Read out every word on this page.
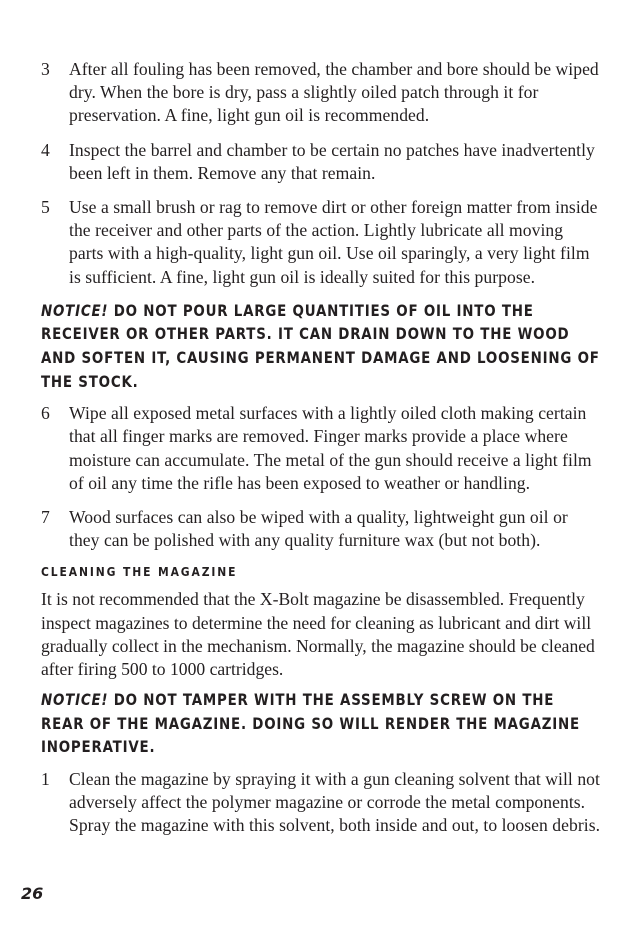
3	After all fouling has been removed, the chamber and bore should be wiped dry. When the bore is dry, pass a slightly oiled patch through it for preservation. A fine, light gun oil is recommended.
4	Inspect the barrel and chamber to be certain no patches have inadvertently been left in them. Remove any that remain.
5	Use a small brush or rag to remove dirt or other foreign matter from inside the receiver and other parts of the action. Lightly lubricate all moving parts with a high-quality, light gun oil. Use oil sparingly, a very light film is sufficient. A fine, light gun oil is ideally suited for this purpose.
NOTICE! DO NOT POUR LARGE QUANTITIES OF OIL INTO THE RECEIVER OR OTHER PARTS. IT CAN DRAIN DOWN TO THE WOOD AND SOFTEN IT, CAUSING PERMANENT DAMAGE AND LOOSENING OF THE STOCK.
6	Wipe all exposed metal surfaces with a lightly oiled cloth making certain that all finger marks are removed. Finger marks provide a place where moisture can accumulate. The metal of the gun should receive a light film of oil any time the rifle has been exposed to weather or handling.
7	Wood surfaces can also be wiped with a quality, lightweight gun oil or they can be polished with any quality furniture wax (but not both).
CLEANING THE MAGAZINE
It is not recommended that the X-Bolt magazine be disassembled. Frequently inspect magazines to determine the need for cleaning as lubricant and dirt will gradually collect in the mechanism. Normally, the magazine should be cleaned after firing 500 to 1000 cartridges.
NOTICE! DO NOT TAMPER WITH THE ASSEMBLY SCREW ON THE REAR OF THE MAGAZINE. DOING SO WILL RENDER THE MAGAZINE INOPERATIVE.
1	Clean the magazine by spraying it with a gun cleaning solvent that will not adversely affect the polymer magazine or corrode the metal components. Spray the magazine with this solvent, both inside and out, to loosen debris.
26
